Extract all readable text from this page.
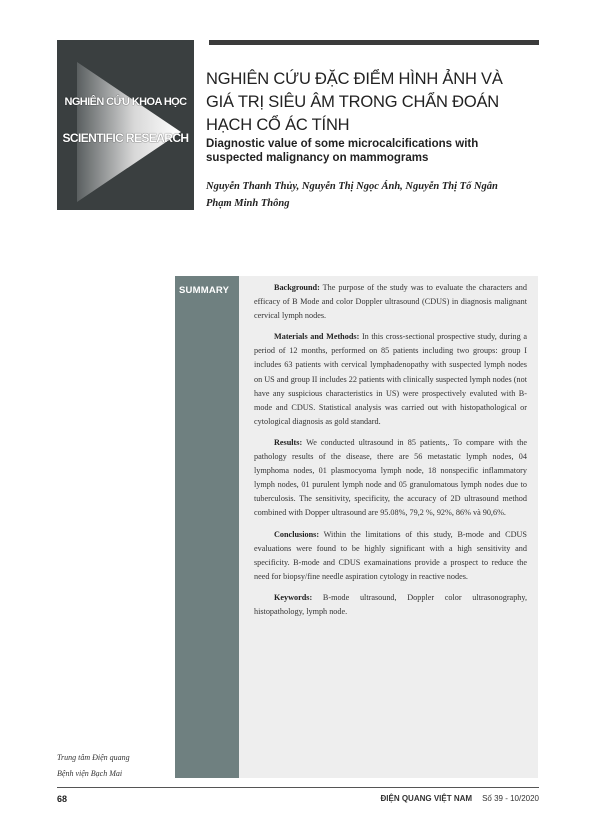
NGHIÊN CỨU KHOA HỌC
SCIENTIFIC RESEARCH
NGHIÊN CỨU ĐẶC ĐIỂM HÌNH ẢNH VÀ GIÁ TRỊ SIÊU ÂM TRONG CHẨN ĐOÁN HẠCH CỔ ÁC TÍNH
Diagnostic value of some microcalcifications with suspected malignancy on mammograms
Nguyễn Thanh Thủy, Nguyễn Thị Ngọc Ánh, Nguyễn Thị Tố Ngân
Phạm Minh Thông
SUMMARY	Background: The purpose of the study was to evaluate the characters and efficacy of B Mode and color Doppler ultrasound (CDUS) in diagnosis malignant cervical lymph nodes.

Materials and Methods: In this cross-sectional prospective study, during a period of 12 months, performed on 85 patients including two groups: group I includes 63 patients with cervical lymphadenopathy with suspected lymph nodes on US and group II includes 22 patients with clinically suspected lymph nodes (not have any suspicious characteristics in US) were prospectively evaluted with B-mode and CDUS. Statistical analysis was carried out with histopathological or cytological diagnosis as gold standard.

Results: We conducted ultrasound in 85 patients,. To compare with the pathology results of the disease, there are 56 metastatic lymph nodes, 04 lymphoma nodes, 01 plasmocyoma lymph node, 18 nonspecific inflammatory lymph nodes, 01 purulent lymph node and 05 granulomatous lymph nodes due to tuberculosis. The sensitivity, specificity, the accuracy of 2D ultrasound method combined with Dopper ultrasound are 95.08%, 79,2 %, 92%, 86% và 90,6%.

Conclusions: Within the limitations of this study, B-mode and CDUS evaluations were found to be highly significant with a high sensitivity and specificity. B-mode and CDUS examainations provide a prospect to reduce the need for biopsy/fine needle aspiration cytology in reactive nodes.

Keywords: B-mode ultrasound, Doppler color ultrasonography, histopathology, lymph node.

Trung tâm Điện quang
Bệnh viện Bạch Mai
68	ĐIỆN QUANG VIỆT NAM Số 39 - 10/2020
